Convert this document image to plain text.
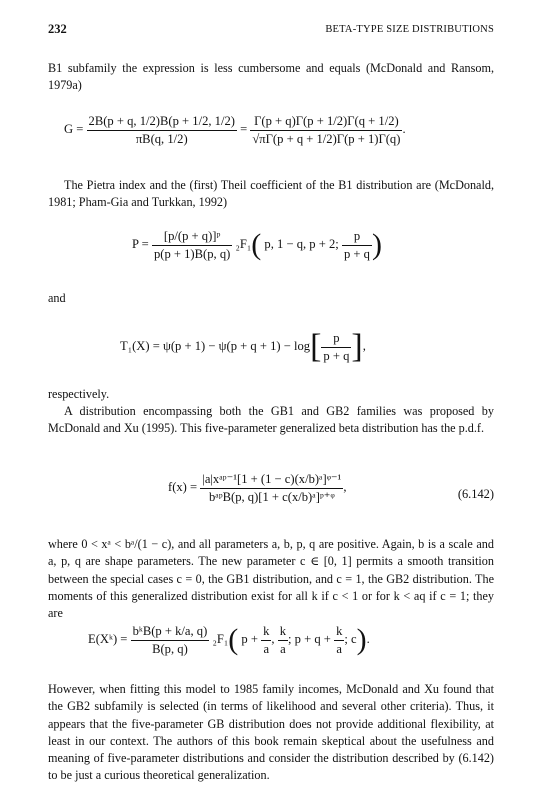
232	BETA-TYPE SIZE DISTRIBUTIONS
B1 subfamily the expression is less cumbersome and equals (McDonald and Ransom, 1979a)
$G = \frac{2B(p + q, 1/2)B(p + 1/2, 1/2)}{\pi B(q, 1/2)} = \frac{\Gamma(p + q)\Gamma(p + 1/2)\Gamma(q + 1/2)}{√\pi\Gamma(p + q + 1/2)\Gamma(p + 1)\Gamma(q)}$ .
The Pietra index and the (first) Theil coefficient of the B1 distribution are (McDonald, 1981; Pham-Gia and Turkkan, 1992)
$P = \frac{\text{[p/(p + q)]ᵖ}}{p(p + 1)B(p, q)} _2F_1$( p, 1 − q, p + 2; $\frac{p}{p + q}$ )
and
$T_1(X) = \psi(p + 1) - \psi(p + q + 1) - \log[ \frac{p}{p + q}$ ],
respectively.
A distribution encompassing both the GB1 and GB2 families was proposed by McDonald and Xu (1995). This five-parameter generalized beta distribution has the p.d.f.
$f(x) = \frac{\text{|a|xᵃᵖ⁻¹[1 + (1 − c)(x/b)ᵃ]ᵠ⁻¹}}{\text{bᵃᵖB(p, q)[1 + c(x/b)ᵃ]ᵖ⁺ᵠ}}$ ,
(6.142)
where 0 < xᵃ < bᵃ/(1 − c), and all parameters a, b, p, q are positive. Again, b is a scale and a, p, q are shape parameters. The new parameter c ∈ [0, 1] permits a smooth transition between the special cases c = 0, the GB1 distribution, and c = 1, the GB2 distribution. The moments of this generalized distribution exist for all k if c < 1 or for k < aq if c = 1; they are
E(Xᵏ) = $\frac{\text{bᵏB(p + k/a, q)}}{B(p, q)} _2F_1$( $p + \frac{k}{a}$ , $\frac{k}{a}$ ; $p + q + \frac{k}{a}$ ; c).
However, when fitting this model to 1985 family incomes, McDonald and Xu found that the GB2 subfamily is selected (in terms of likelihood and several other criteria). Thus, it appears that the five-parameter GB distribution does not provide additional flexibility, at least in our context. The authors of this book remain skeptical about the usefulness and meaning of five-parameter distributions and consider the distribution described by (6.142) to be just a curious theoretical generalization.
